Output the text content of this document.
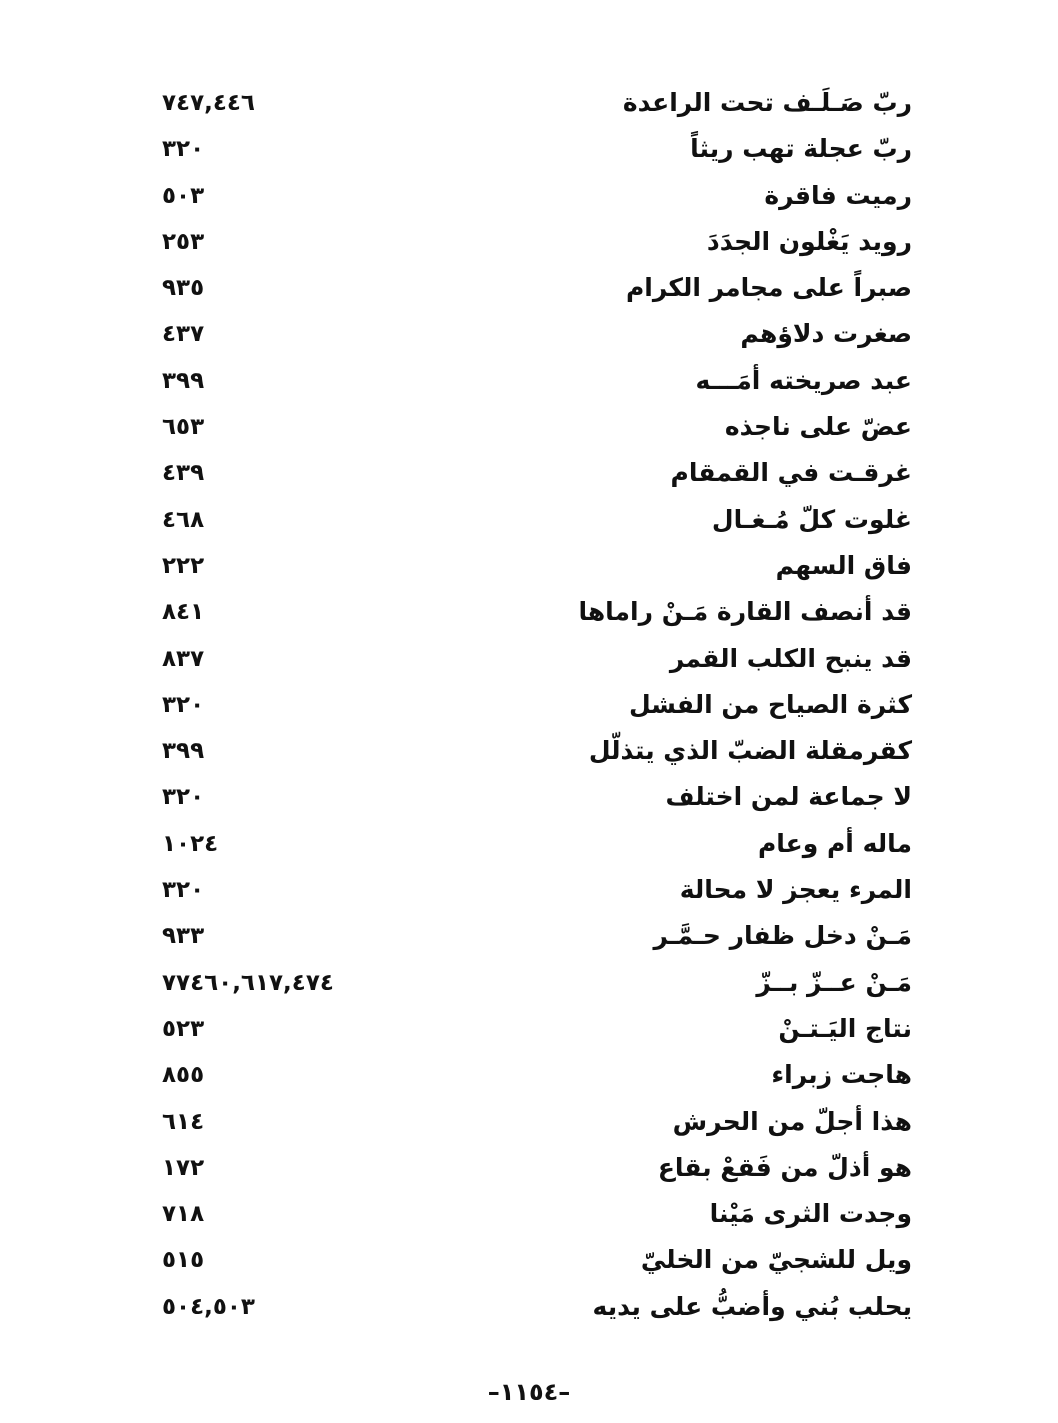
ربّ صَـلَـف تحت الراعدة
٧٤٧,٤٤٦
ربّ عجلة تهب ريثاً
٣٢٠
رميت فاقرة
٥٠٣
رويد يَغْلون الجدَدَ
٢٥٣
صبراً على مجامر الكرام
٩٣٥
صغرت دلاؤهم
٤٣٧
عبد صريخته أمَـــه
٣٩٩
عضّ على ناجذه
٦٥٣
غرقـت في القمقام
٤٣٩
غلوت كلّ مُـغـال
٤٦٨
فاق السهم
٢٢٢
قد أنصف القارة مَـنْ راماها
٨٤١
قد ينبح الكلب القمر
٨٣٧
كثرة الصياح من الفشل
٣٢٠
كقرمقلة الضبّ الذي يتذلّل
٣٩٩
لا جماعة لمن اختلف
٣٢٠
ماله أم وعام
١٠٢٤
المرء يعجز لا محالة
٣٢٠
مَـنْ دخل ظفار حـمَّـر
٩٣٣
مَـنْ عــزّ بــزّ
٧٧٤٦٠,٦١٧,٤٧٤
نتاج اليَـتـنْ
٥٢٣
هاجت زبراء
٨٥٥
هذا أجلّ من الحرش
٦١٤
هو أذلّ من فَقعْ بقاع
١٧٢
وجدت الثرى مَيْنا
٧١٨
ويل للشجيّ من الخليّ
٥١٥
يحلب بُني وأضبُّ على يديه
٥٠٤,٥٠٣
–١١٥٤–
